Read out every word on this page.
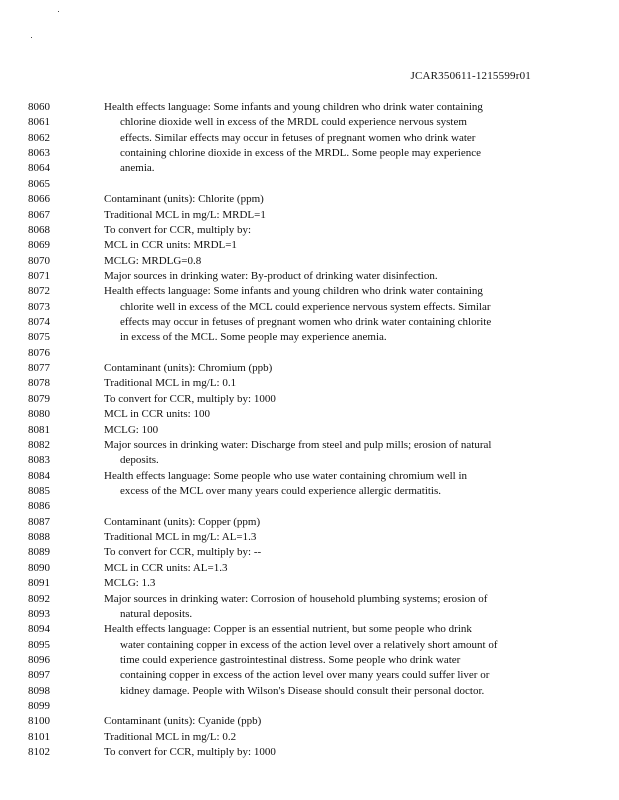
JCAR350611-1215599r01
8060	Health effects language: Some infants and young children who drink water containing
8061	chlorine dioxide well in excess of the MRDL could experience nervous system
8062	effects. Similar effects may occur in fetuses of pregnant women who drink water
8063	containing chlorine dioxide in excess of the MRDL. Some people may experience
8064	anemia.
8065
8066	Contaminant (units): Chlorite (ppm)
8067	Traditional MCL in mg/L: MRDL=1
8068	To convert for CCR, multiply by:
8069	MCL in CCR units: MRDL=1
8070	MCLG: MRDLG=0.8
8071	Major sources in drinking water: By-product of drinking water disinfection.
8072	Health effects language: Some infants and young children who drink water containing
8073	chlorite well in excess of the MCL could experience nervous system effects. Similar
8074	effects may occur in fetuses of pregnant women who drink water containing chlorite
8075	in excess of the MCL. Some people may experience anemia.
8076
8077	Contaminant (units): Chromium (ppb)
8078	Traditional MCL in mg/L: 0.1
8079	To convert for CCR, multiply by: 1000
8080	MCL in CCR units: 100
8081	MCLG: 100
8082	Major sources in drinking water: Discharge from steel and pulp mills; erosion of natural
8083	deposits.
8084	Health effects language: Some people who use water containing chromium well in
8085	excess of the MCL over many years could experience allergic dermatitis.
8086
8087	Contaminant (units): Copper (ppm)
8088	Traditional MCL in mg/L: AL=1.3
8089	To convert for CCR, multiply by: --
8090	MCL in CCR units: AL=1.3
8091	MCLG: 1.3
8092	Major sources in drinking water: Corrosion of household plumbing systems; erosion of
8093	natural deposits.
8094	Health effects language: Copper is an essential nutrient, but some people who drink
8095	water containing copper in excess of the action level over a relatively short amount of
8096	time could experience gastrointestinal distress. Some people who drink water
8097	containing copper in excess of the action level over many years could suffer liver or
8098	kidney damage. People with Wilson's Disease should consult their personal doctor.
8099
8100	Contaminant (units): Cyanide (ppb)
8101	Traditional MCL in mg/L: 0.2
8102	To convert for CCR, multiply by: 1000
